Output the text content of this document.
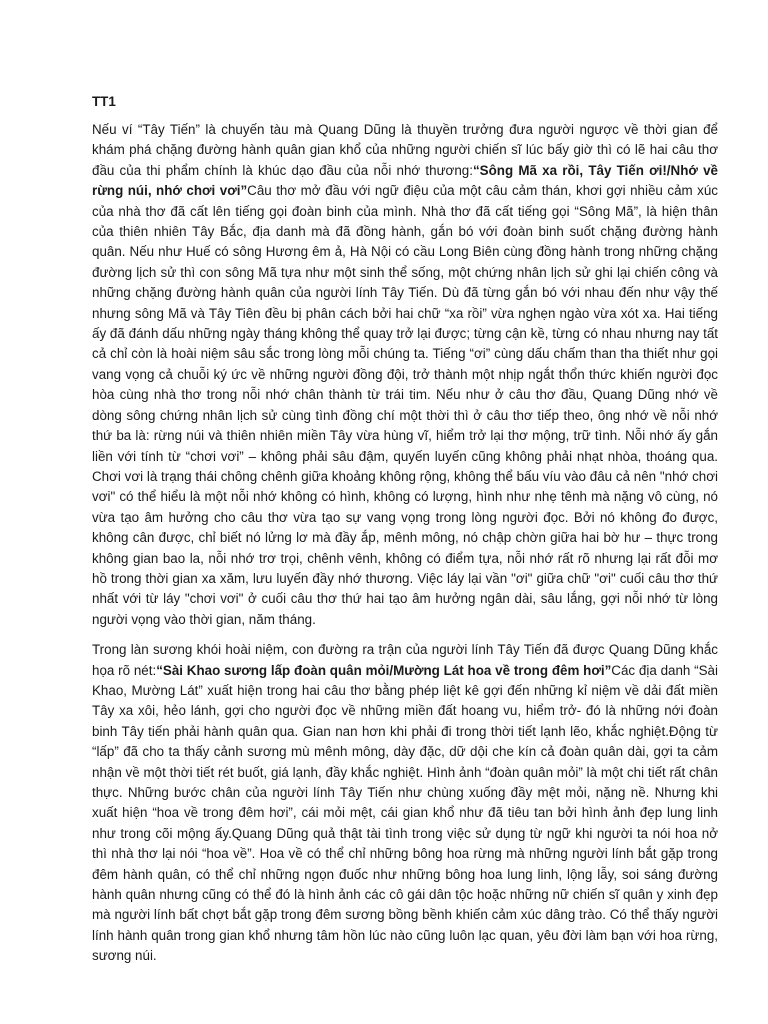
TT1

Nếu ví “Tây Tiến” là chuyến tàu mà Quang Dũng là thuyền trưởng đưa người ngược về thời gian để khám phá chặng đường hành quân gian khổ của những người chiến sĩ lúc bấy giờ thì có lẽ hai câu thơ đầu của thi phẩm chính là khúc dạo đầu của nỗi nhớ thương:“Sông Mã xa rồi, Tây Tiến ơi!/Nhớ về rừng núi, nhớ chơi vơi”Câu thơ mở đầu với ngữ điệu của một câu cảm thán, khơi gợi nhiều cảm xúc của nhà thơ đã cất lên tiếng gọi đoàn binh của mình. Nhà thơ đã cất tiếng gọi “Sông Mã”, là hiện thân của thiên nhiên Tây Bắc, địa danh mà đã đồng hành, gắn bó với đoàn binh suốt chặng đường hành quân. Nếu như Huế có sông Hương êm ả, Hà Nội có cầu Long Biên cùng đồng hành trong những chặng đường lịch sử thì con sông Mã tựa như một sinh thể sống, một chứng nhân lịch sử ghi lại chiến công và những chặng đường hành quân của người lính Tây Tiến. Dù đã từng gắn bó với nhau đến như vậy thế nhưng sông Mã và Tây Tiên đều bị phân cách bởi hai chữ “xa rồi” vừa nghẹn ngào vừa xót xa. Hai tiếng ấy đã đánh dấu những ngày tháng không thể quay trở lại được; từng cận kề, từng có nhau nhưng nay tất cả chỉ còn là hoài niệm sâu sắc trong lòng mỗi chúng ta. Tiếng “ơi” cùng dấu chấm than tha thiết như gọi vang vọng cả chuỗi ký ức về những người đồng đội, trở thành một nhịp ngắt thổn thức khiến người đọc hòa cùng nhà thơ trong nỗi nhớ chân thành từ trái tim. Nếu như ở câu thơ đầu, Quang Dũng nhớ về dòng sông chứng nhân lịch sử cùng tình đồng chí một thời thì ở câu thơ tiếp theo, ông nhớ về nỗi nhớ thứ ba là: rừng núi và thiên nhiên miền Tây vừa hùng vĩ, hiểm trở lại thơ mộng, trữ tình. Nỗi nhớ ấy gắn liền với tính từ “chơi vơi” – không phải sâu đậm, quyến luyến cũng không phải nhạt nhòa, thoáng qua. Chơi vơi là trạng thái chông chênh giữa khoảng không rộng, không thể bấu víu vào đâu cả nên "nhớ chơi vơi" có thể hiểu là một nỗi nhớ không có hình, không có lượng, hình như nhẹ tênh mà nặng vô cùng, nó vừa tạo âm hưởng cho câu thơ vừa tạo sự vang vọng trong lòng người đọc. Bởi nó không đo được, không cân được, chỉ biết nó lửng lơ mà đầy ắp, mênh mông, nó chập chờn giữa hai bờ hư – thực trong không gian bao la, nỗi nhớ trơ trọi, chênh vênh, không có điểm tựa, nỗi nhớ rất rõ nhưng lại rất đỗi mơ hồ trong thời gian xa xăm, lưu luyến đầy nhớ thương. Việc láy lại vần "ơi" giữa chữ "ơi" cuối câu thơ thứ nhất với từ láy "chơi vơi" ở cuối câu thơ thứ hai tạo âm hưởng ngân dài, sâu lắng, gợi nỗi nhớ từ lòng người vọng vào thời gian, năm tháng.

Trong làn sương khói hoài niệm, con đường ra trận của người lính Tây Tiến đã được Quang Dũng khắc họa rõ nét:“Sài Khao sương lấp đoàn quân mỏi/Mường Lát hoa về trong đêm hơi”Các địa danh “Sài Khao, Mường Lát” xuất hiện trong hai câu thơ bằng phép liệt kê gợi đến những kỉ niệm về dải đất miền Tây xa xôi, hẻo lánh, gợi cho người đọc về những miền đất hoang vu, hiểm trở- đó là những nới đoàn binh Tây tiến phải hành quân qua. Gian nan hơn khi phải đi trong thời tiết lạnh lẽo, khắc nghiệt.Động từ “lấp” đã cho ta thấy cảnh sương mù mênh mông, dày đặc, dữ dội che kín cả đoàn quân dài, gợi ta cảm nhận về một thời tiết rét buốt, giá lạnh, đầy khắc nghiệt. Hình ảnh “đoàn quân mỏi” là một chi tiết rất chân thực. Những bước chân của người lính Tây Tiến như chùng xuống đầy mệt mỏi, nặng nề. Nhưng khi xuất hiện “hoa về trong đêm hơi”, cái mỏi mệt, cái gian khổ như đã tiêu tan bởi hình ảnh đẹp lung linh như trong cõi mộng ấy.Quang Dũng quả thật tài tình trong việc sử dụng từ ngữ khi người ta nói hoa nở thì nhà thơ lại nói “hoa về”. Hoa về có thể chỉ những bông hoa rừng mà những người lính bắt gặp trong đêm hành quân, có thể chỉ những ngọn đuốc như những bông hoa lung linh, lộng lẫy, soi sáng đường hành quân nhưng cũng có thể đó là hình ảnh các cô gái dân tộc hoặc những nữ chiến sĩ quân y xinh đẹp mà người lính bất chợt bắt gặp trong đêm sương bồng bềnh khiến cảm xúc dâng trào. Có thể thấy người lính hành quân trong gian khổ nhưng tâm hồn lúc nào cũng luôn lạc quan, yêu đời làm bạn với hoa rừng, sương núi.
